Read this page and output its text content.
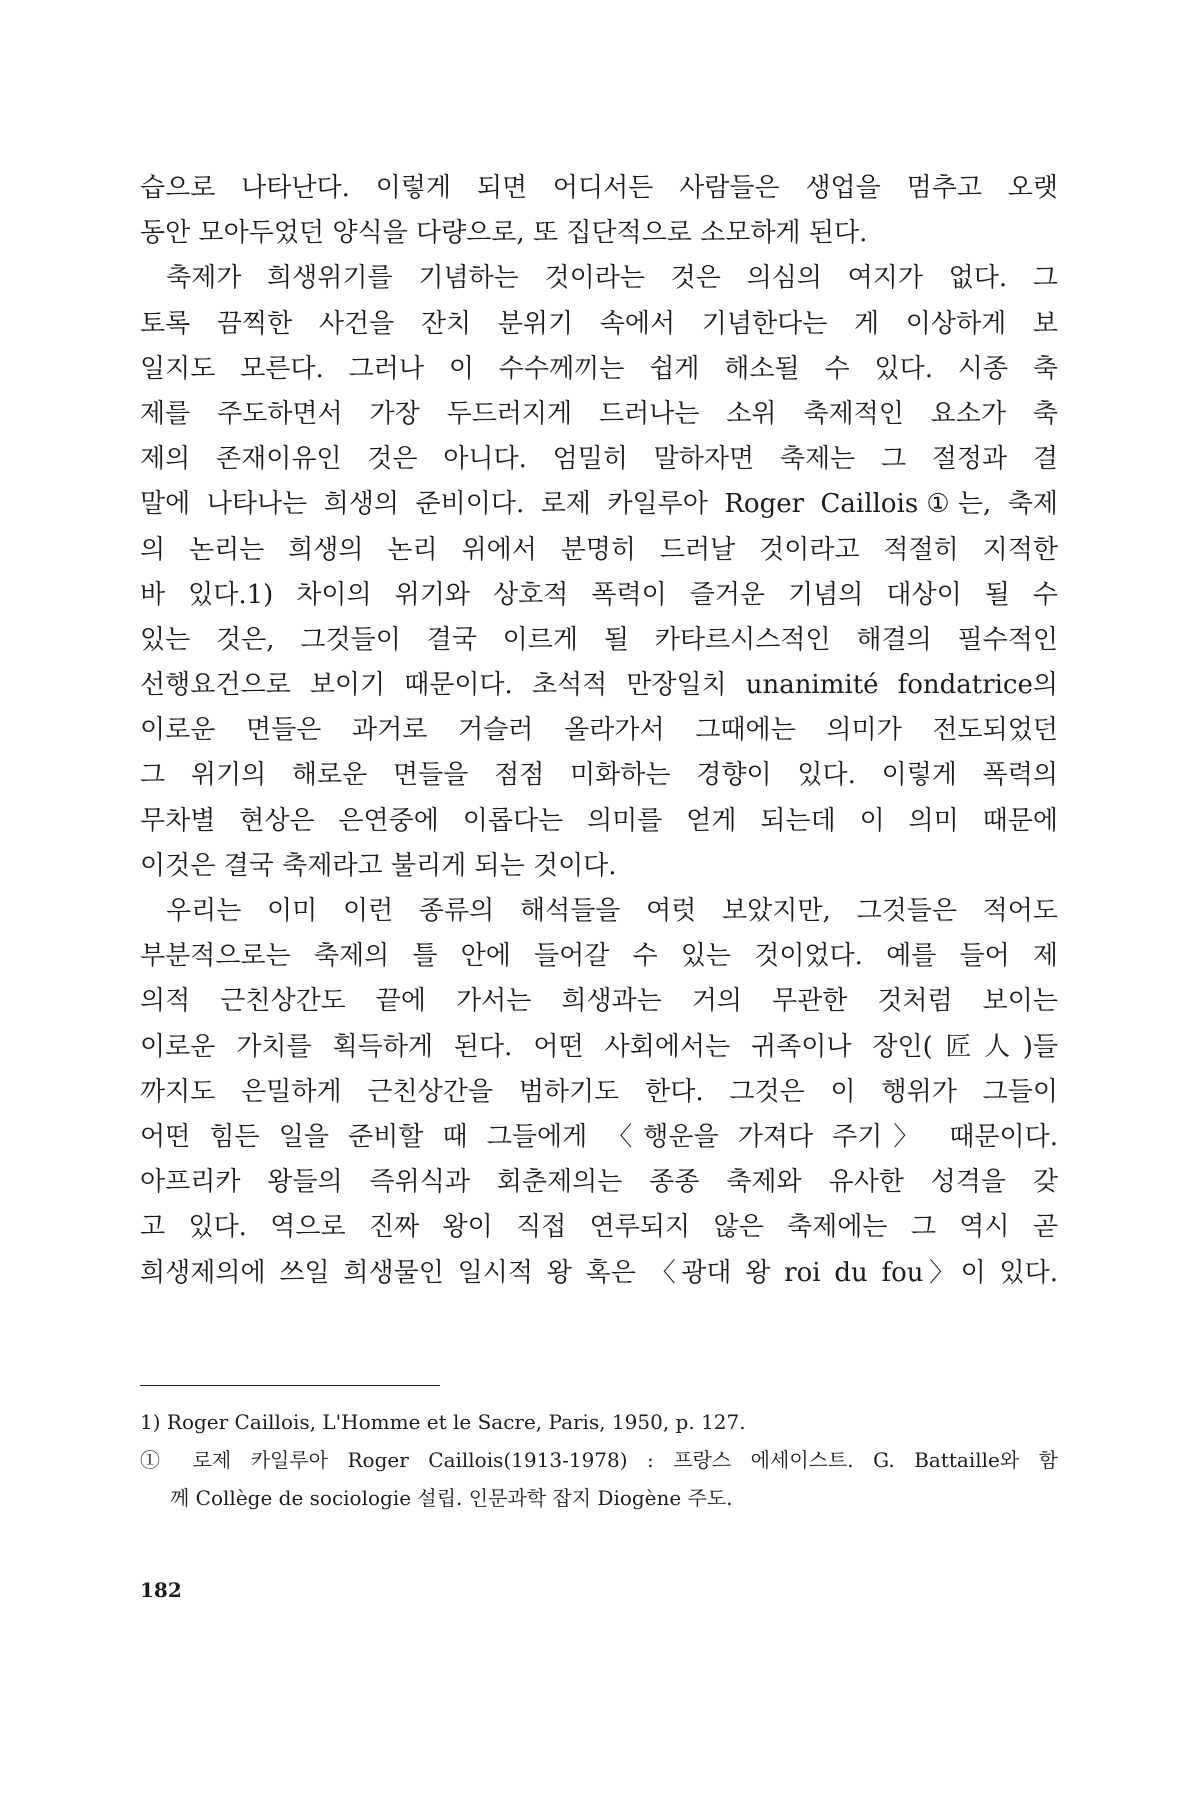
습으로 나타난다. 이렇게 되면 어디서든 사람들은 생업을 멈추고 오랫
동안 모아두었던 양식을 다량으로, 또 집단적으로 소모하게 된다.
축제가 희생위기를 기념하는 것이라는 것은 의심의 여지가 없다. 그
토록 끔찍한 사건을 잔치 분위기 속에서 기념한다는 게 이상하게 보
일지도 모른다. 그러나 이 수수께끼는 쉽게 해소될 수 있다. 시종 축
제를 주도하면서 가장 두드러지게 드러나는 소위 축제적인 요소가 축
제의 존재이유인 것은 아니다. 엄밀히 말하자면 축제는 그 절정과 결
말에 나타나는 희생의 준비이다. 로제 카일루아 Roger Caillois①는, 축제
의 논리는 희생의 논리 위에서 분명히 드러날 것이라고 적절히 지적한
바 있다.1) 차이의 위기와 상호적 폭력이 즐거운 기념의 대상이 될 수
있는 것은, 그것들이 결국 이르게 될 카타르시스적인 해결의 필수적인
선행요건으로 보이기 때문이다. 초석적 만장일치 unanimité fondatrice의
이로운 면들은 과거로 거슬러 올라가서 그때에는 의미가 전도되었던
그 위기의 해로운 면들을 점점 미화하는 경향이 있다. 이렇게 폭력의
무차별 현상은 은연중에 이롭다는 의미를 얻게 되는데 이 의미 때문에
이것은 결국 축제라고 불리게 되는 것이다.
우리는 이미 이런 종류의 해석들을 여럿 보았지만, 그것들은 적어도
부분적으로는 축제의 틀 안에 들어갈 수 있는 것이었다. 예를 들어 제
의적 근친상간도 끝에 가서는 희생과는 거의 무관한 것처럼 보이는
이로운 가치를 획득하게 된다. 어떤 사회에서는 귀족이나 장인(匠人)들
까지도 은밀하게 근친상간을 범하기도 한다. 그것은 이 행위가 그들이
어떤 힘든 일을 준비할 때 그들에게 〈행운을 가져다 주기〉 때문이다.
아프리카 왕들의 즉위식과 회춘제의는 종종 축제와 유사한 성격을 갖
고 있다. 역으로 진짜 왕이 직접 연루되지 않은 축제에는 그 역시 곧
희생제의에 쓰일 희생물인 일시적 왕 혹은 〈광대 왕 roi du fou〉이 있다.
1) Roger Caillois, L'Homme et le Sacre, Paris, 1950, p. 127.
① 로제 카일루아 Roger Caillois(1913-1978) : 프랑스 에세이스트. G. Battaille와 함
께 Collège de sociologie 설립. 인문과학 잡지 Diogène 주도.
182
